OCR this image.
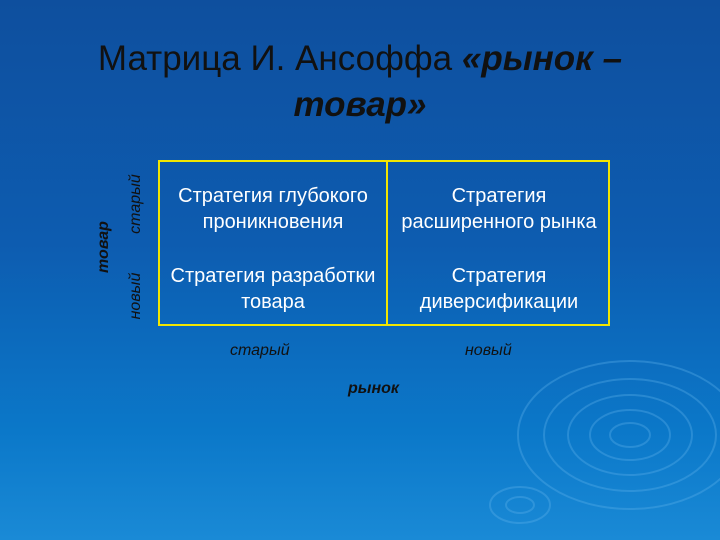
Матрица И. Ансоффа «рынок –
товар»
товар
старый
новый
Стратегия глубокого проникновения
Стратегия расширенного рынка
Стратегия разработки товара
Стратегия диверсификации
старый	новый
рынок
